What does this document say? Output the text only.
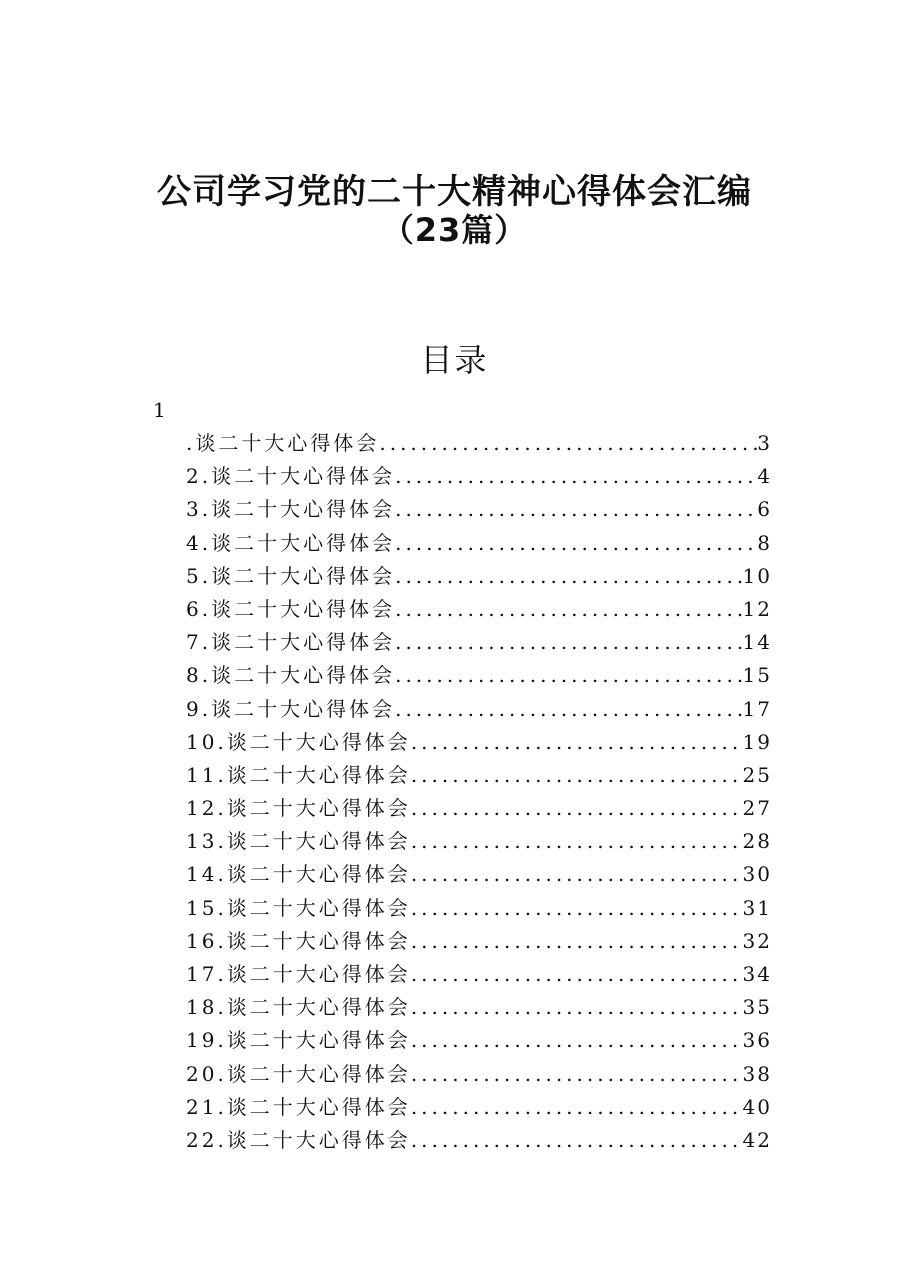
公司学习党的二十大精神心得体会汇编
（23篇）
目录
1
.谈二十大心得体会 .....	3
2.谈二十大心得体会 .....	4
3.谈二十大心得体会 .....	6
4.谈二十大心得体会 .....	8
5.谈二十大心得体会 .....	10
6.谈二十大心得体会 .....	12
7.谈二十大心得体会 .....	14
8.谈二十大心得体会 .....	15
9.谈二十大心得体会 .....	17
10.谈二十大心得体会 .....	19
11.谈二十大心得体会 .....	25
12.谈二十大心得体会 .....	27
13.谈二十大心得体会 .....	28
14.谈二十大心得体会 .....	30
15.谈二十大心得体会 .....	31
16.谈二十大心得体会 .....	32
17.谈二十大心得体会 .....	34
18.谈二十大心得体会 .....	35
19.谈二十大心得体会 .....	36
20.谈二十大心得体会 .....	38
21.谈二十大心得体会 .....	40
22.谈二十大心得体会 .....	42
